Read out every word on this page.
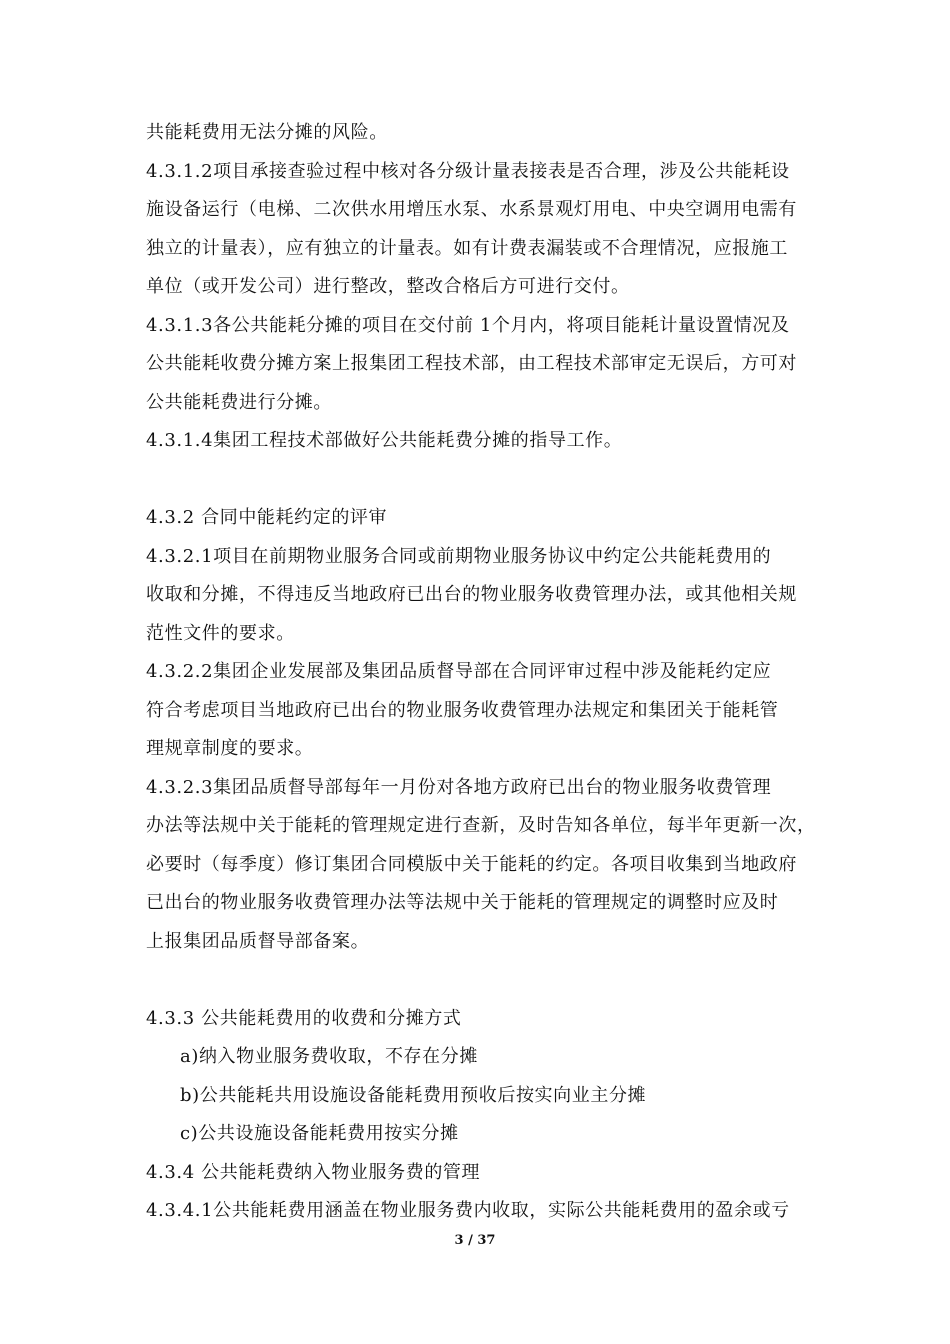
共能耗费用无法分摊的风险。
4.3.1.2项目承接查验过程中核对各分级计量表接表是否合理，涉及公共能耗设
施设备运行（电梯、二次供水用增压水泵、水系景观灯用电、中央空调用电需有
独立的计量表），应有独立的计量表。如有计费表漏装或不合理情况，应报施工
单位（或开发公司）进行整改，整改合格后方可进行交付。
4.3.1.3各公共能耗分摊的项目在交付前 1个月内，将项目能耗计量设置情况及
公共能耗收费分摊方案上报集团工程技术部，由工程技术部审定无误后，方可对
公共能耗费进行分摊。
4.3.1.4集团工程技术部做好公共能耗费分摊的指导工作。
4.3.2 合同中能耗约定的评审
4.3.2.1项目在前期物业服务合同或前期物业服务协议中约定公共能耗费用的
收取和分摊，不得违反当地政府已出台的物业服务收费管理办法，或其他相关规
范性文件的要求。
4.3.2.2集团企业发展部及集团品质督导部在合同评审过程中涉及能耗约定应
符合考虑项目当地政府已出台的物业服务收费管理办法规定和集团关于能耗管
理规章制度的要求。
4.3.2.3集团品质督导部每年一月份对各地方政府已出台的物业服务收费管理
办法等法规中关于能耗的管理规定进行查新，及时告知各单位，每半年更新一次，
必要时（每季度）修订集团合同模版中关于能耗的约定。各项目收集到当地政府
已出台的物业服务收费管理办法等法规中关于能耗的管理规定的调整时应及时
上报集团品质督导部备案。
4.3.3 公共能耗费用的收费和分摊方式
a)纳入物业服务费收取，不存在分摊
b)公共能耗共用设施设备能耗费用预收后按实向业主分摊
c)公共设施设备能耗费用按实分摊
4.3.4 公共能耗费纳入物业服务费的管理
4.3.4.1公共能耗费用涵盖在物业服务费内收取，实际公共能耗费用的盈余或亏
3 / 37
